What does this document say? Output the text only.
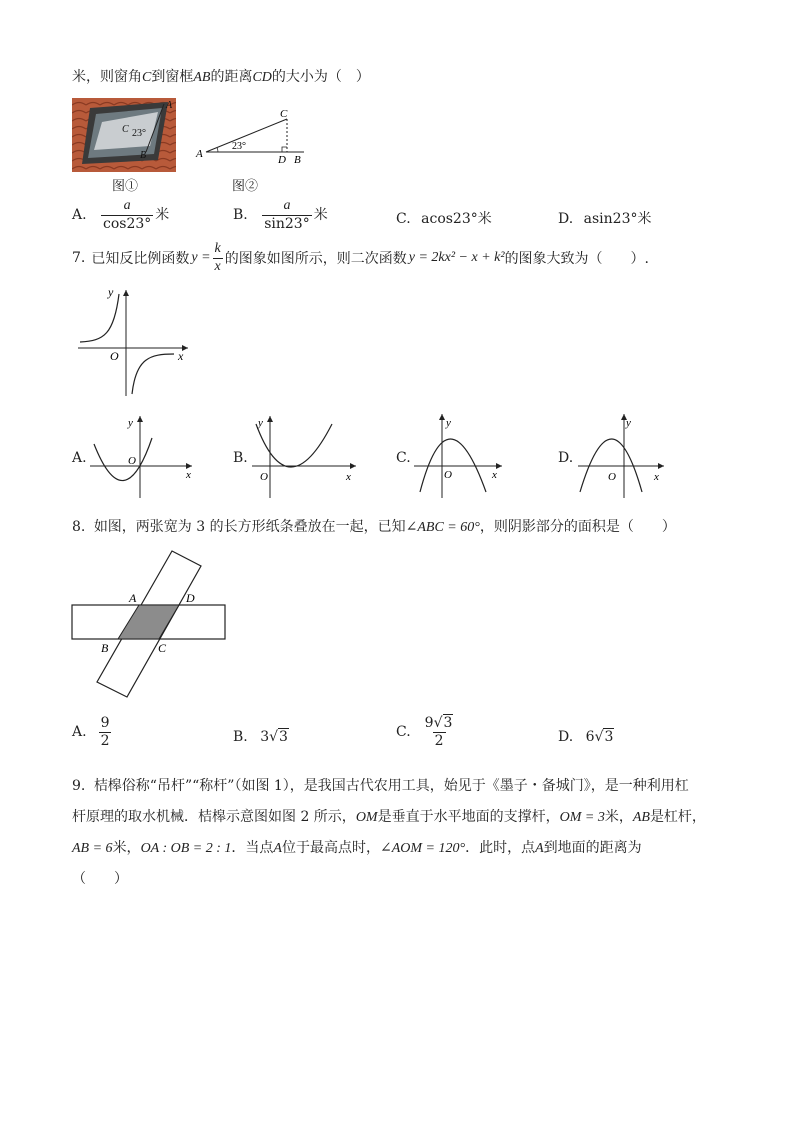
米，则窗角C到窗框AB的距离CD的大小为（　）
C 23°
A
B
图①
A
23°
C
D B
图②
A. $\frac{a}{\cos 23^\circ}$ 米	B. $\frac{a}{\sin 23^\circ}$ 米	C. acos23°米	D. asin23°米
7. 已知反比例函数 $y = \frac{k}{x}$ 的图象如图所示，则二次函数 y = 2kx² − x + k² 的图象大致为（　　）.
y
x
O
A.
y
x
O	B.
y
x
O
C.
y
x
O
D.
y
x
O
8. 如图，两张宽为 3 的长方形纸条叠放在一起，已知∠ABC = 60°，则阴影部分的面积是（　　）
A	D
B	C
A. $\frac{9}{2}$	B. 3√3	C. $\frac{9√3}{2}$	D. 6√3
9. 桔槔俗称“吊杆”“称杆”（如图 1），是我国古代农用工具，始见于《墨子・备城门》，是一种利用杠
杆原理的取水机械．桔槔示意图如图 2 所示，OM是垂直于水平地面的支撑杆，OM = 3米，AB是杠杆，
AB = 6米，OA : OB = 2 : 1．当点A位于最高点时，∠AOM = 120°．此时，点A到地面的距离为
（　　）
